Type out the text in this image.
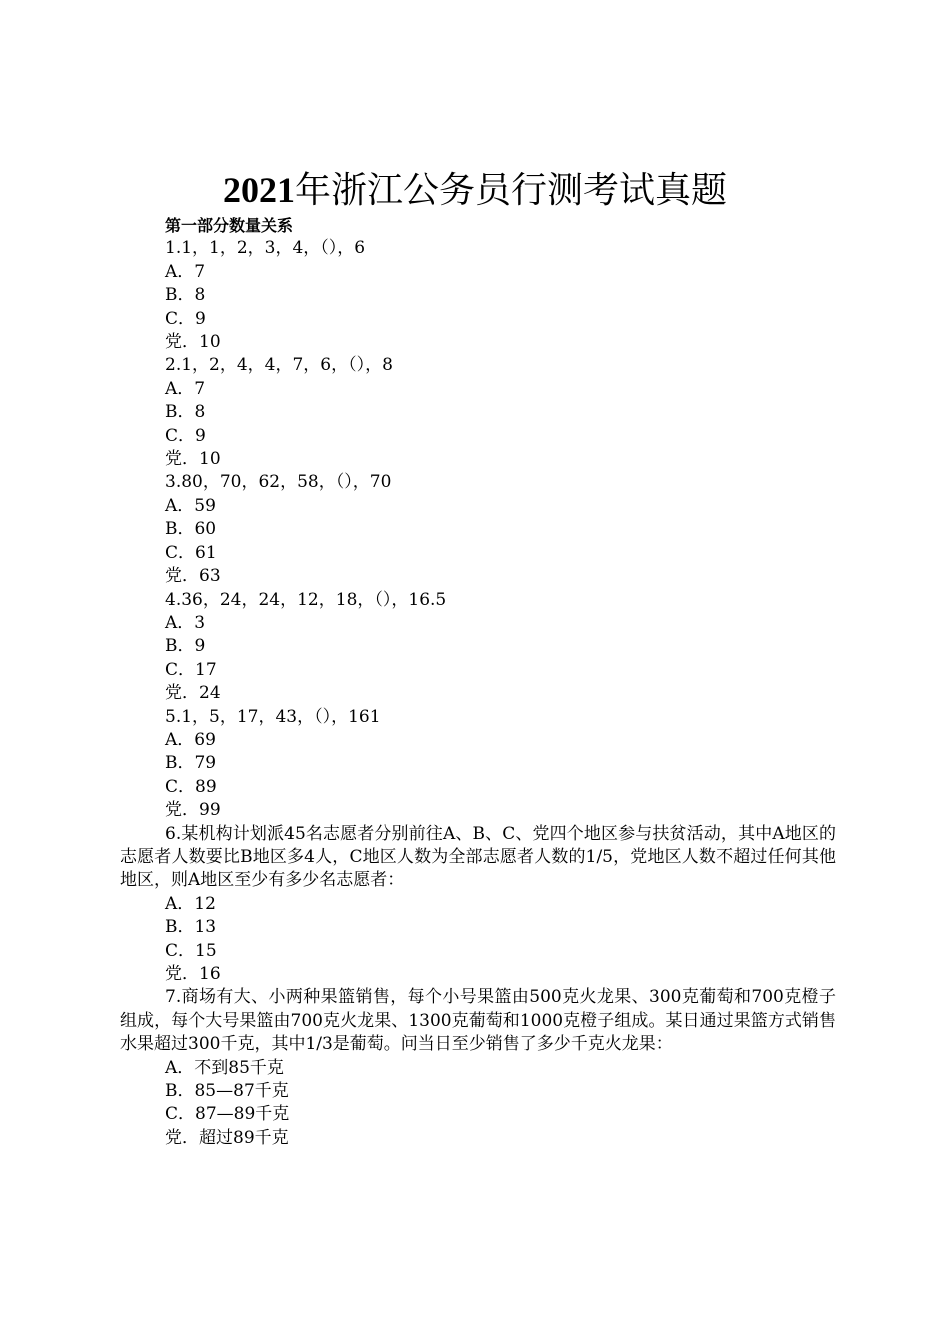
2021年浙江公务员行测考试真题
第一部分数量关系

1.1，1，2，3，4，（），6

A．7

B．8

C．9

党．10

2.1，2，4，4，7，6，（），8

A．7

B．8

C．9

党．10

3.80，70，62，58，（），70

A．59

B．60

C．61

党．63

4.36，24，24，12，18，（），16.5

A．3

B．9

C．17

党．24

5.1，5，17，43，（），161

A．69

B．79

C．89

党．99

6.某机构计划派45名志愿者分别前往A、B、C、党四个地区参与扶贫活动，其中A地区的志愿者人数要比B地区多4人，C地区人数为全部志愿者人数的1/5，党地区人数不超过任何其他地区，则A地区至少有多少名志愿者：

A．12

B．13

C．15

党．16

7.商场有大、小两种果篮销售，每个小号果篮由500克火龙果、300克葡萄和700克橙子组成，每个大号果篮由700克火龙果、1300克葡萄和1000克橙子组成。某日通过果篮方式销售水果超过300千克，其中1/3是葡萄。问当日至少销售了多少千克火龙果：

A．不到85千克

B．85—87千克

C．87—89千克

党．超过89千克
